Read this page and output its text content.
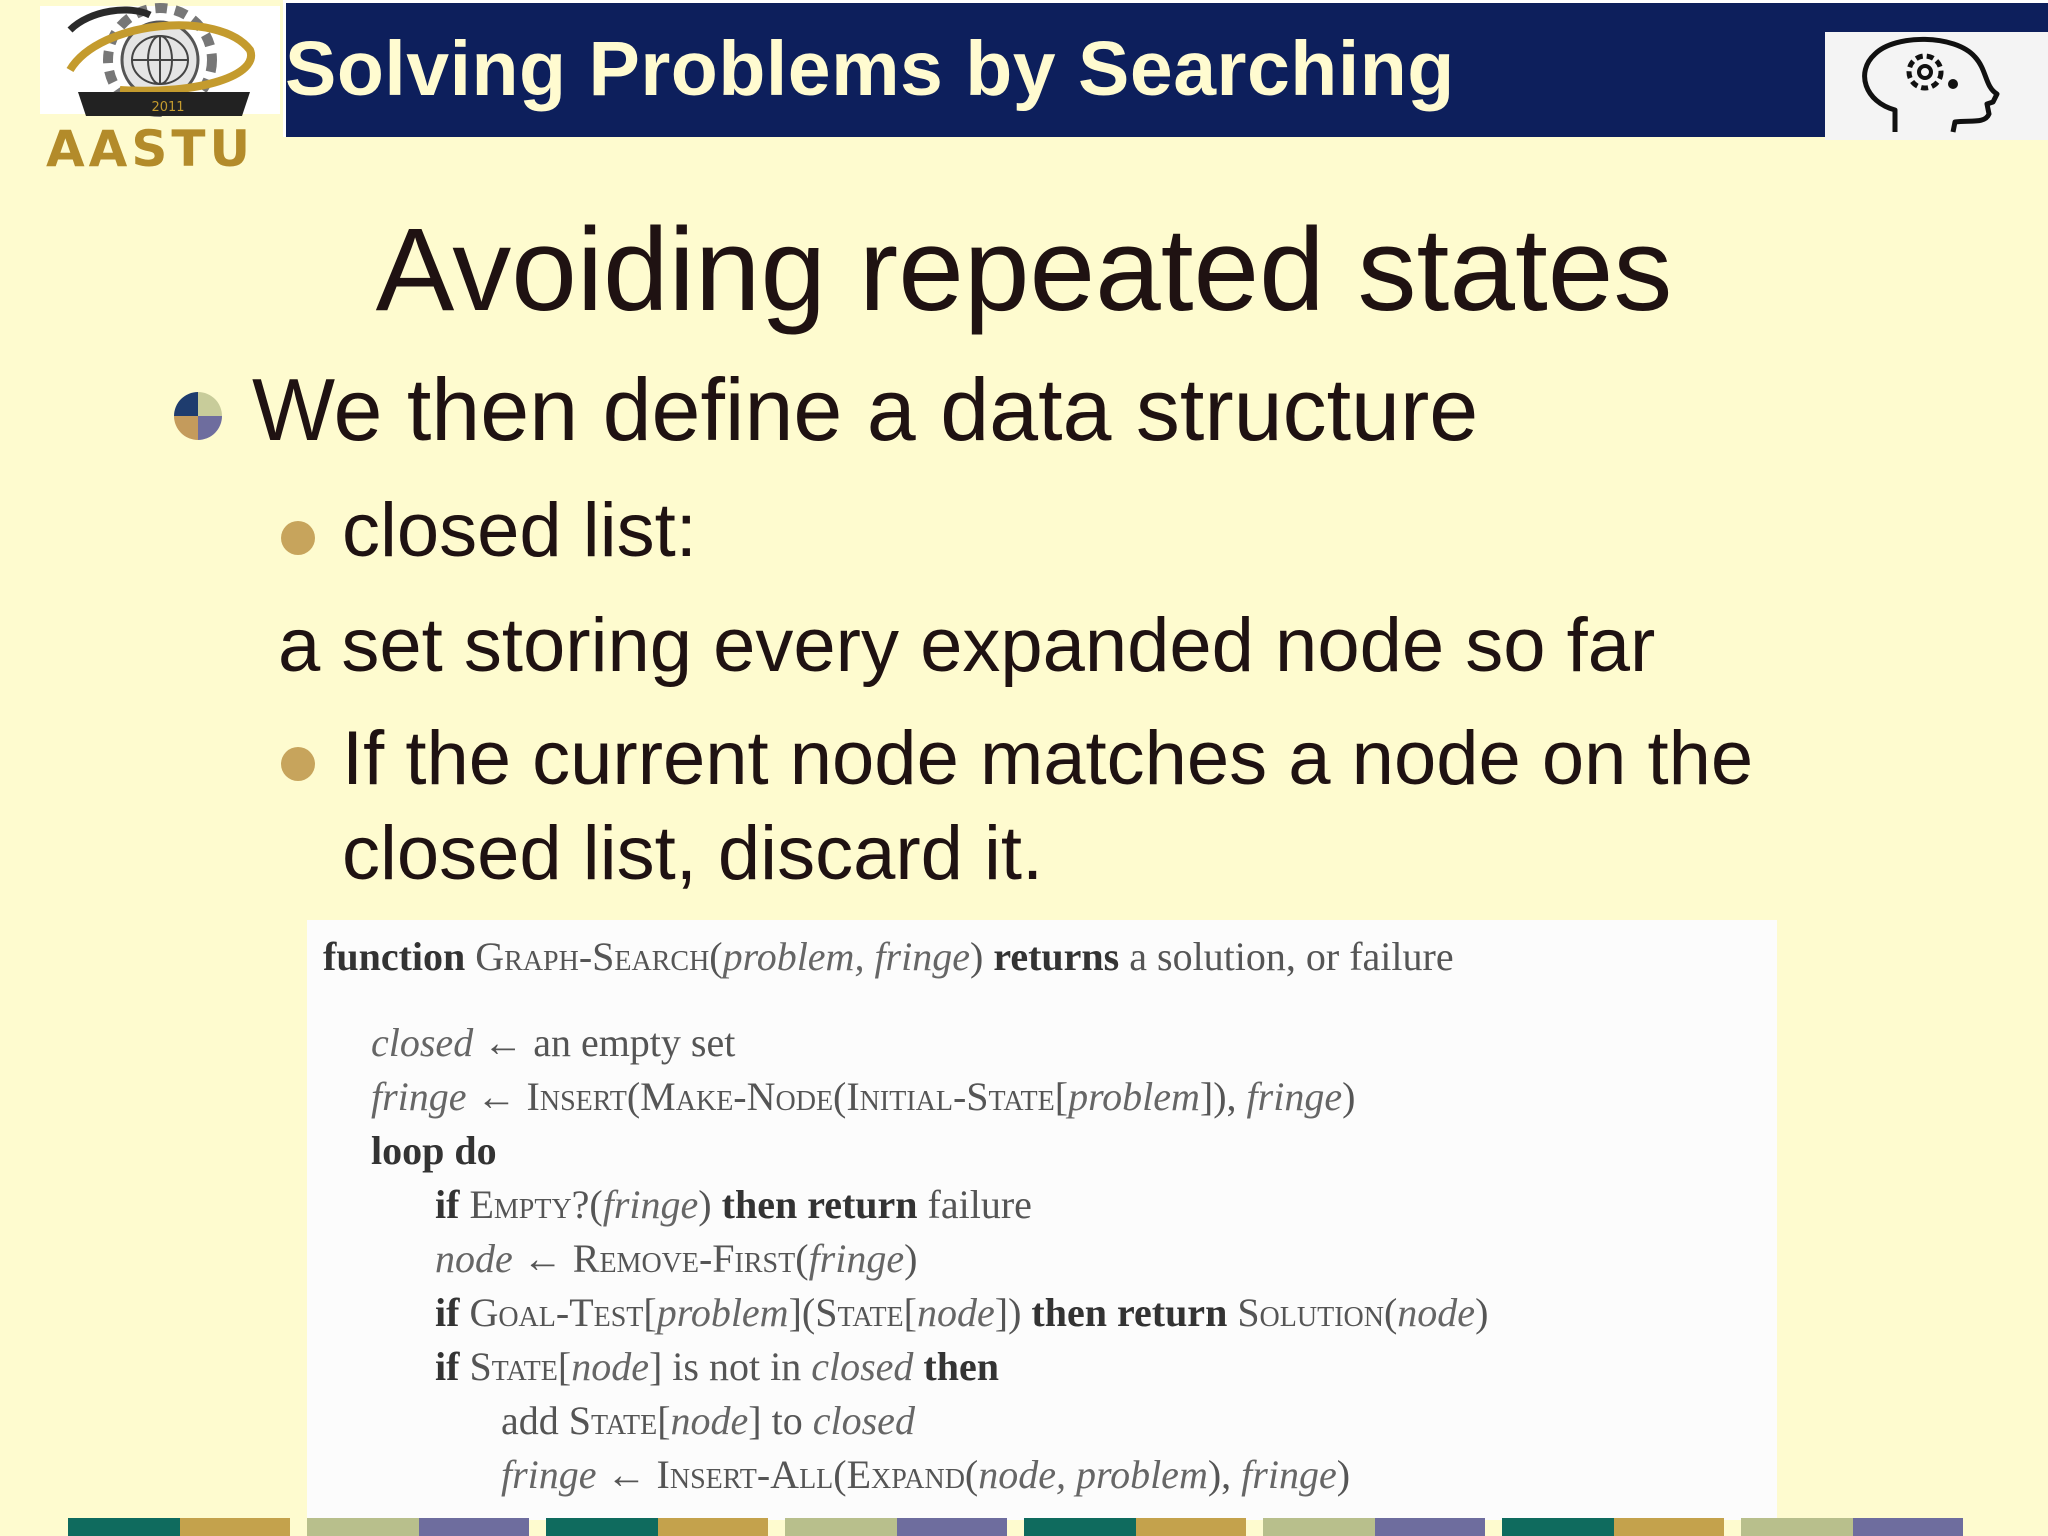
2011
AASTU
Solving Problems by Searching
Avoiding repeated states
We then define a data structure
closed list:
a set storing every expanded node so far
If the current node matches a node on the
closed list, discard it.
function Graph-Search(problem, fringe) returns a solution, or failure
closed ← an empty set
fringe ← Insert(Make-Node(Initial-State[problem]), fringe)
loop do
if Empty?(fringe) then return failure
node ← Remove-First(fringe)
if Goal-Test[problem](State[node]) then return Solution(node)
if State[node] is not in closed then
add State[node] to closed
fringe ← Insert-All(Expand(node, problem), fringe)
